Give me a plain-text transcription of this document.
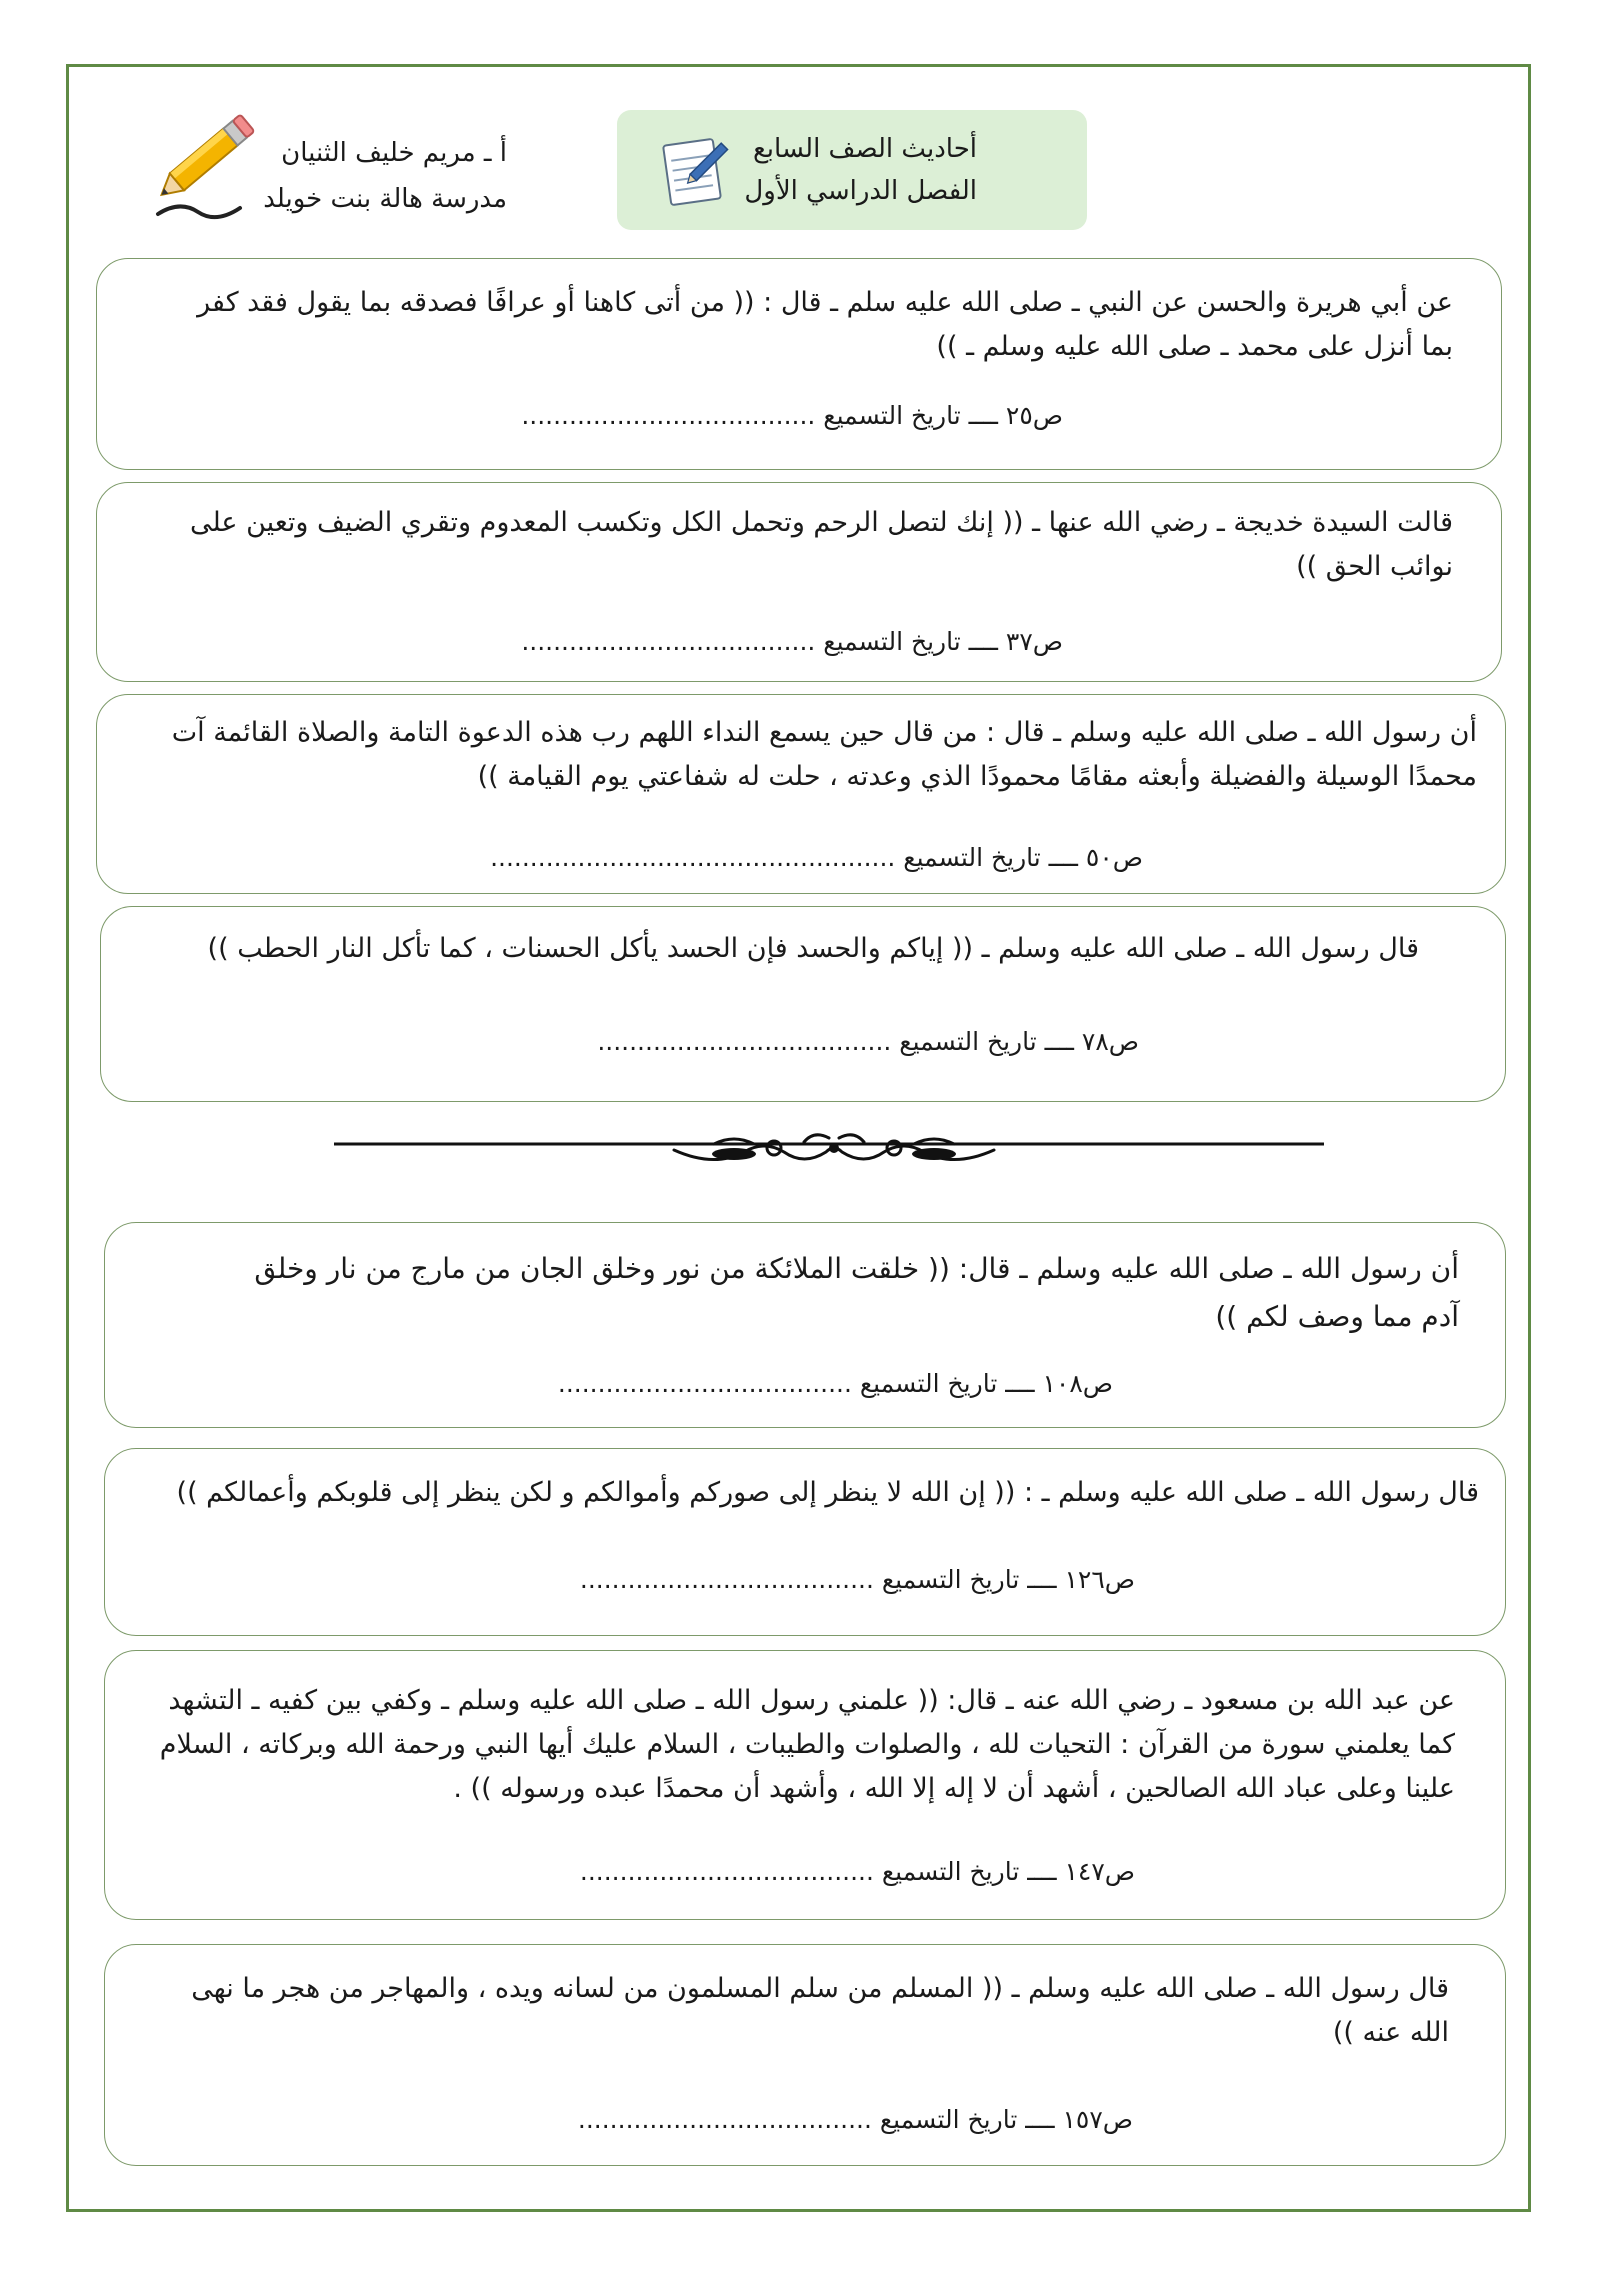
أ ـ مريم خليف الثنيان
مدرسة هالة بنت خويلد
أحاديث الصف السابع
الفصل الدراسي الأول
عن أبي هريرة والحسن عن النبي ـ صلى الله عليه سلم ـ قال : (( من أتى كاهنا أو عرافًا فصدقه بما يقول فقد كفر
بما أنزل على محمد ـ صلى الله عليه وسلم ـ ))
ص٢٥ ــــ تاريخ التسميع .....................................
قالت السيدة خديجة ـ رضي الله عنها ـ (( إنك لتصل الرحم وتحمل الكل وتكسب المعدوم وتقري الضيف وتعين على
نوائب الحق ))
ص٣٧ ــــ تاريخ التسميع .....................................
أن رسول الله ـ صلى الله عليه وسلم ـ قال : من قال حين يسمع النداء اللهم رب هذه الدعوة التامة والصلاة القائمة آت
محمدًا الوسيلة والفضيلة وأبعثه مقامًا محمودًا الذي وعدته ، حلت له شفاعتي يوم القيامة ))
ص٥٠ ــــ تاريخ التسميع ...................................................
قال رسول الله ـ صلى الله عليه وسلم ـ (( إياكم والحسد فإن الحسد يأكل الحسنات ، كما تأكل النار الحطب ))
ص٧٨ ــــ تاريخ التسميع .....................................
أن رسول الله ـ صلى الله عليه وسلم ـ قال: (( خلقت الملائكة من نور وخلق الجان من مارج من نار وخلق
آدم مما وصف لكم ))
ص١٠٨ ــــ تاريخ التسميع .....................................
قال رسول الله ـ صلى الله عليه وسلم ـ : (( إن الله لا ينظر إلى صوركم وأموالكم و لكن ينظر إلى قلوبكم وأعمالكم ))
ص١٢٦ ــــ تاريخ التسميع .....................................
عن عبد الله بن مسعود ـ رضي الله عنه ـ قال: (( علمني رسول الله ـ صلى الله عليه وسلم ـ وكفي بين كفيه ـ التشهد
كما يعلمني سورة من القرآن : التحيات لله ، والصلوات والطيبات ، السلام عليك أيها النبي ورحمة الله وبركاته ، السلام
علينا وعلى عباد الله الصالحين ، أشهد أن لا إله إلا الله ، وأشهد أن محمدًا عبده ورسوله )) .
ص١٤٧ ــــ تاريخ التسميع .....................................
قال رسول الله ـ صلى الله عليه وسلم ـ (( المسلم من سلم المسلمون من لسانه ويده ، والمهاجر من هجر ما نهى
الله عنه ))
ص١٥٧ ــــ تاريخ التسميع .....................................
